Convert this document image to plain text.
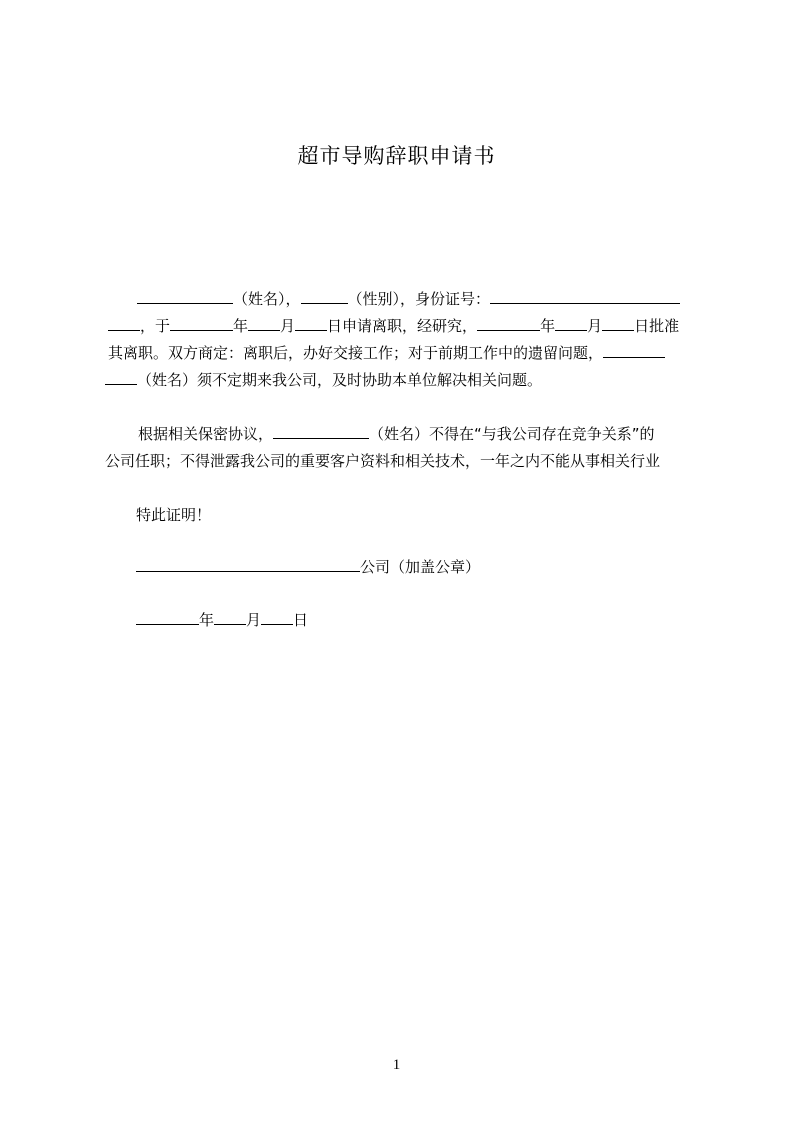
超市导购辞职申请书
（姓名），	（性别），身份证号：
，于	年 月 日申请离职，经研究，	年 月 日批准
其离职。双方商定：离职后，办好交接工作；对于前期工作中的遗留问题，
（姓名）须不定期来我公司，及时协助本单位解决相关问题。
根据相关保密协议，	（姓名）不得在“与我公司存在竞争关系”的
公司任职；不得泄露我公司的重要客户资料和相关技术，一年之内不能从事相关行业
特此证明！
公司（加盖公章）
年 月 日
1
